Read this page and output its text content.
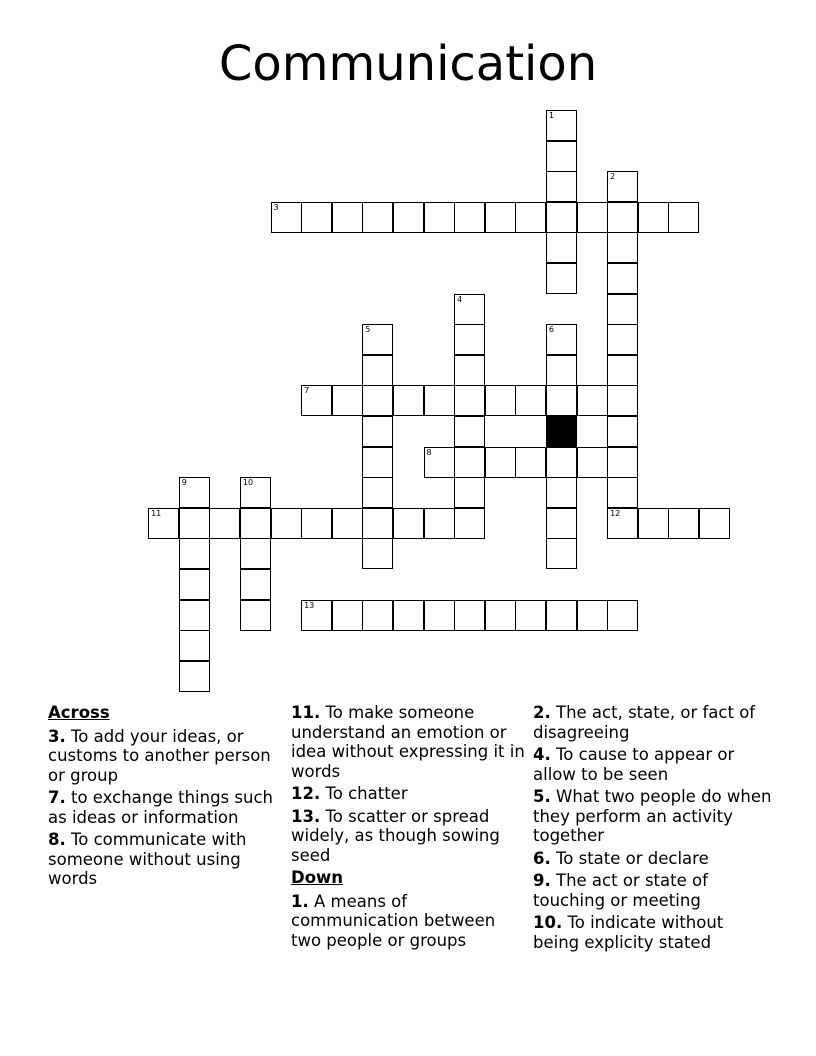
Communication
1
2
3
4
5	6
7
8
9	10
11	12
13
Across
3. To add your ideas, or customs to another person or group
7. to exchange things such as ideas or information
8. To communicate with someone without using words
11. To make someone understand an emotion or idea without expressing it in words
12. To chatter
13. To scatter or spread widely, as though sowing seed
Down
1. A means of communication between two people or groups
2. The act, state, or fact of disagreeing
4. To cause to appear or allow to be seen
5. What two people do when they perform an activity together
6. To state or declare
9. The act or state of touching or meeting
10. To indicate without being explicity stated
